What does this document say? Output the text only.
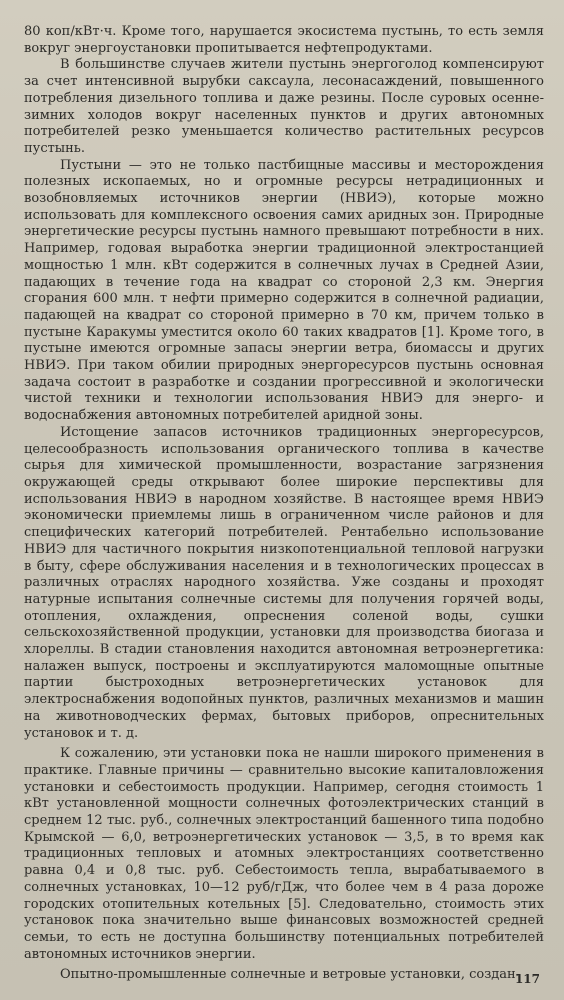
80 коп/кВт·ч. Кроме того, нарушается экосистема пустынь, то есть земля вокруг энергоустановки пропитывается нефтепродуктами.

В большинстве случаев жители пустынь энергоголод компенсируют за счет интенсивной вырубки саксаула, лесонасаждений, повышенного потребления дизельного топлива и даже резины. После суровых осенне-зимних холодов вокруг населенных пунктов и других автономных потребителей резко уменьшается количество растительных ресурсов пустынь.

Пустыни — это не только пастбищные массивы и месторождения полезных ископаемых, но и огромные ресурсы нетрадиционных и возобновляемых источников энергии (НВИЭ), которые можно использовать для комплексного освоения самих аридных зон. Природные энергетические ресурсы пустынь намного превышают потребности в них. Например, годовая выработка энергии традиционной электростанцией мощностью 1 млн. кВт содержится в солнечных лучах в Средней Азии, падающих в течение года на квадрат со стороной 2,3 км. Энергия сгорания 600 млн. т нефти примерно содержится в солнечной радиации, падающей на квадрат со стороной примерно в 70 км, причем только в пустыне Каракумы уместится около 60 таких квадратов [1]. Кроме того, в пустыне имеются огромные запасы энергии ветра, биомассы и других НВИЭ. При таком обилии природных энергоресурсов пустынь основная задача состоит в разработке и создании прогрессивной и экологически чистой техники и технологии использования НВИЭ для энерго- и водоснабжения автономных потребителей аридной зоны.

Истощение запасов источников традиционных энергоресурсов, целесообразность использования органического топлива в качестве сырья для химической промышленности, возрастание загрязнения окружающей среды открывают более широкие перспективы для использования НВИЭ в народном хозяйстве. В настоящее время НВИЭ экономически приемлемы лишь в ограниченном числе районов и для специфических категорий потребителей. Рентабельно использование НВИЭ для частичного покрытия низкопотенциальной тепловой нагрузки в быту, сфере обслуживания населения и в технологических процессах в различных отраслях народного хозяйства. Уже созданы и проходят натурные испытания солнечные системы для получения горячей воды, отопления, охлаждения, опреснения соленой воды, сушки сельскохозяйственной продукции, установки для производства биогаза и хлореллы. В стадии становления находится автономная ветроэнергетика: налажен выпуск, построены и эксплуатируются маломощные опытные партии быстроходных ветроэнергетических установок для электроснабжения водопойных пунктов, различных механизмов и машин на животноводческих фермах, бытовых приборов, опреснительных установок и т. д.

К сожалению, эти установки пока не нашли широкого применения в практике. Главные причины — сравнительно высокие капиталовложения установки и себестоимость продукции. Например, сегодня стоимость 1 кВт установленной мощности солнечных фотоэлектрических станций в среднем 12 тыс. руб., солнечных электростанций башенного типа подобно Крымской — 6,0, ветроэнергетических установок — 3,5, в то время как традиционных тепловых и атомных электростанциях соответственно равна 0,4 и 0,8 тыс. руб. Себестоимость тепла, вырабатываемого в солнечных установках, 10—12 руб/гДж, что более чем в 4 раза дороже городских отопительных котельных [5]. Следовательно, стоимость этих установок пока значительно выше финансовых возможностей средней семьи, то есть не доступна большинству потенциальных потребителей автономных источников энергии.

Опытно-промышленные солнечные и ветровые установки, создан-

117
